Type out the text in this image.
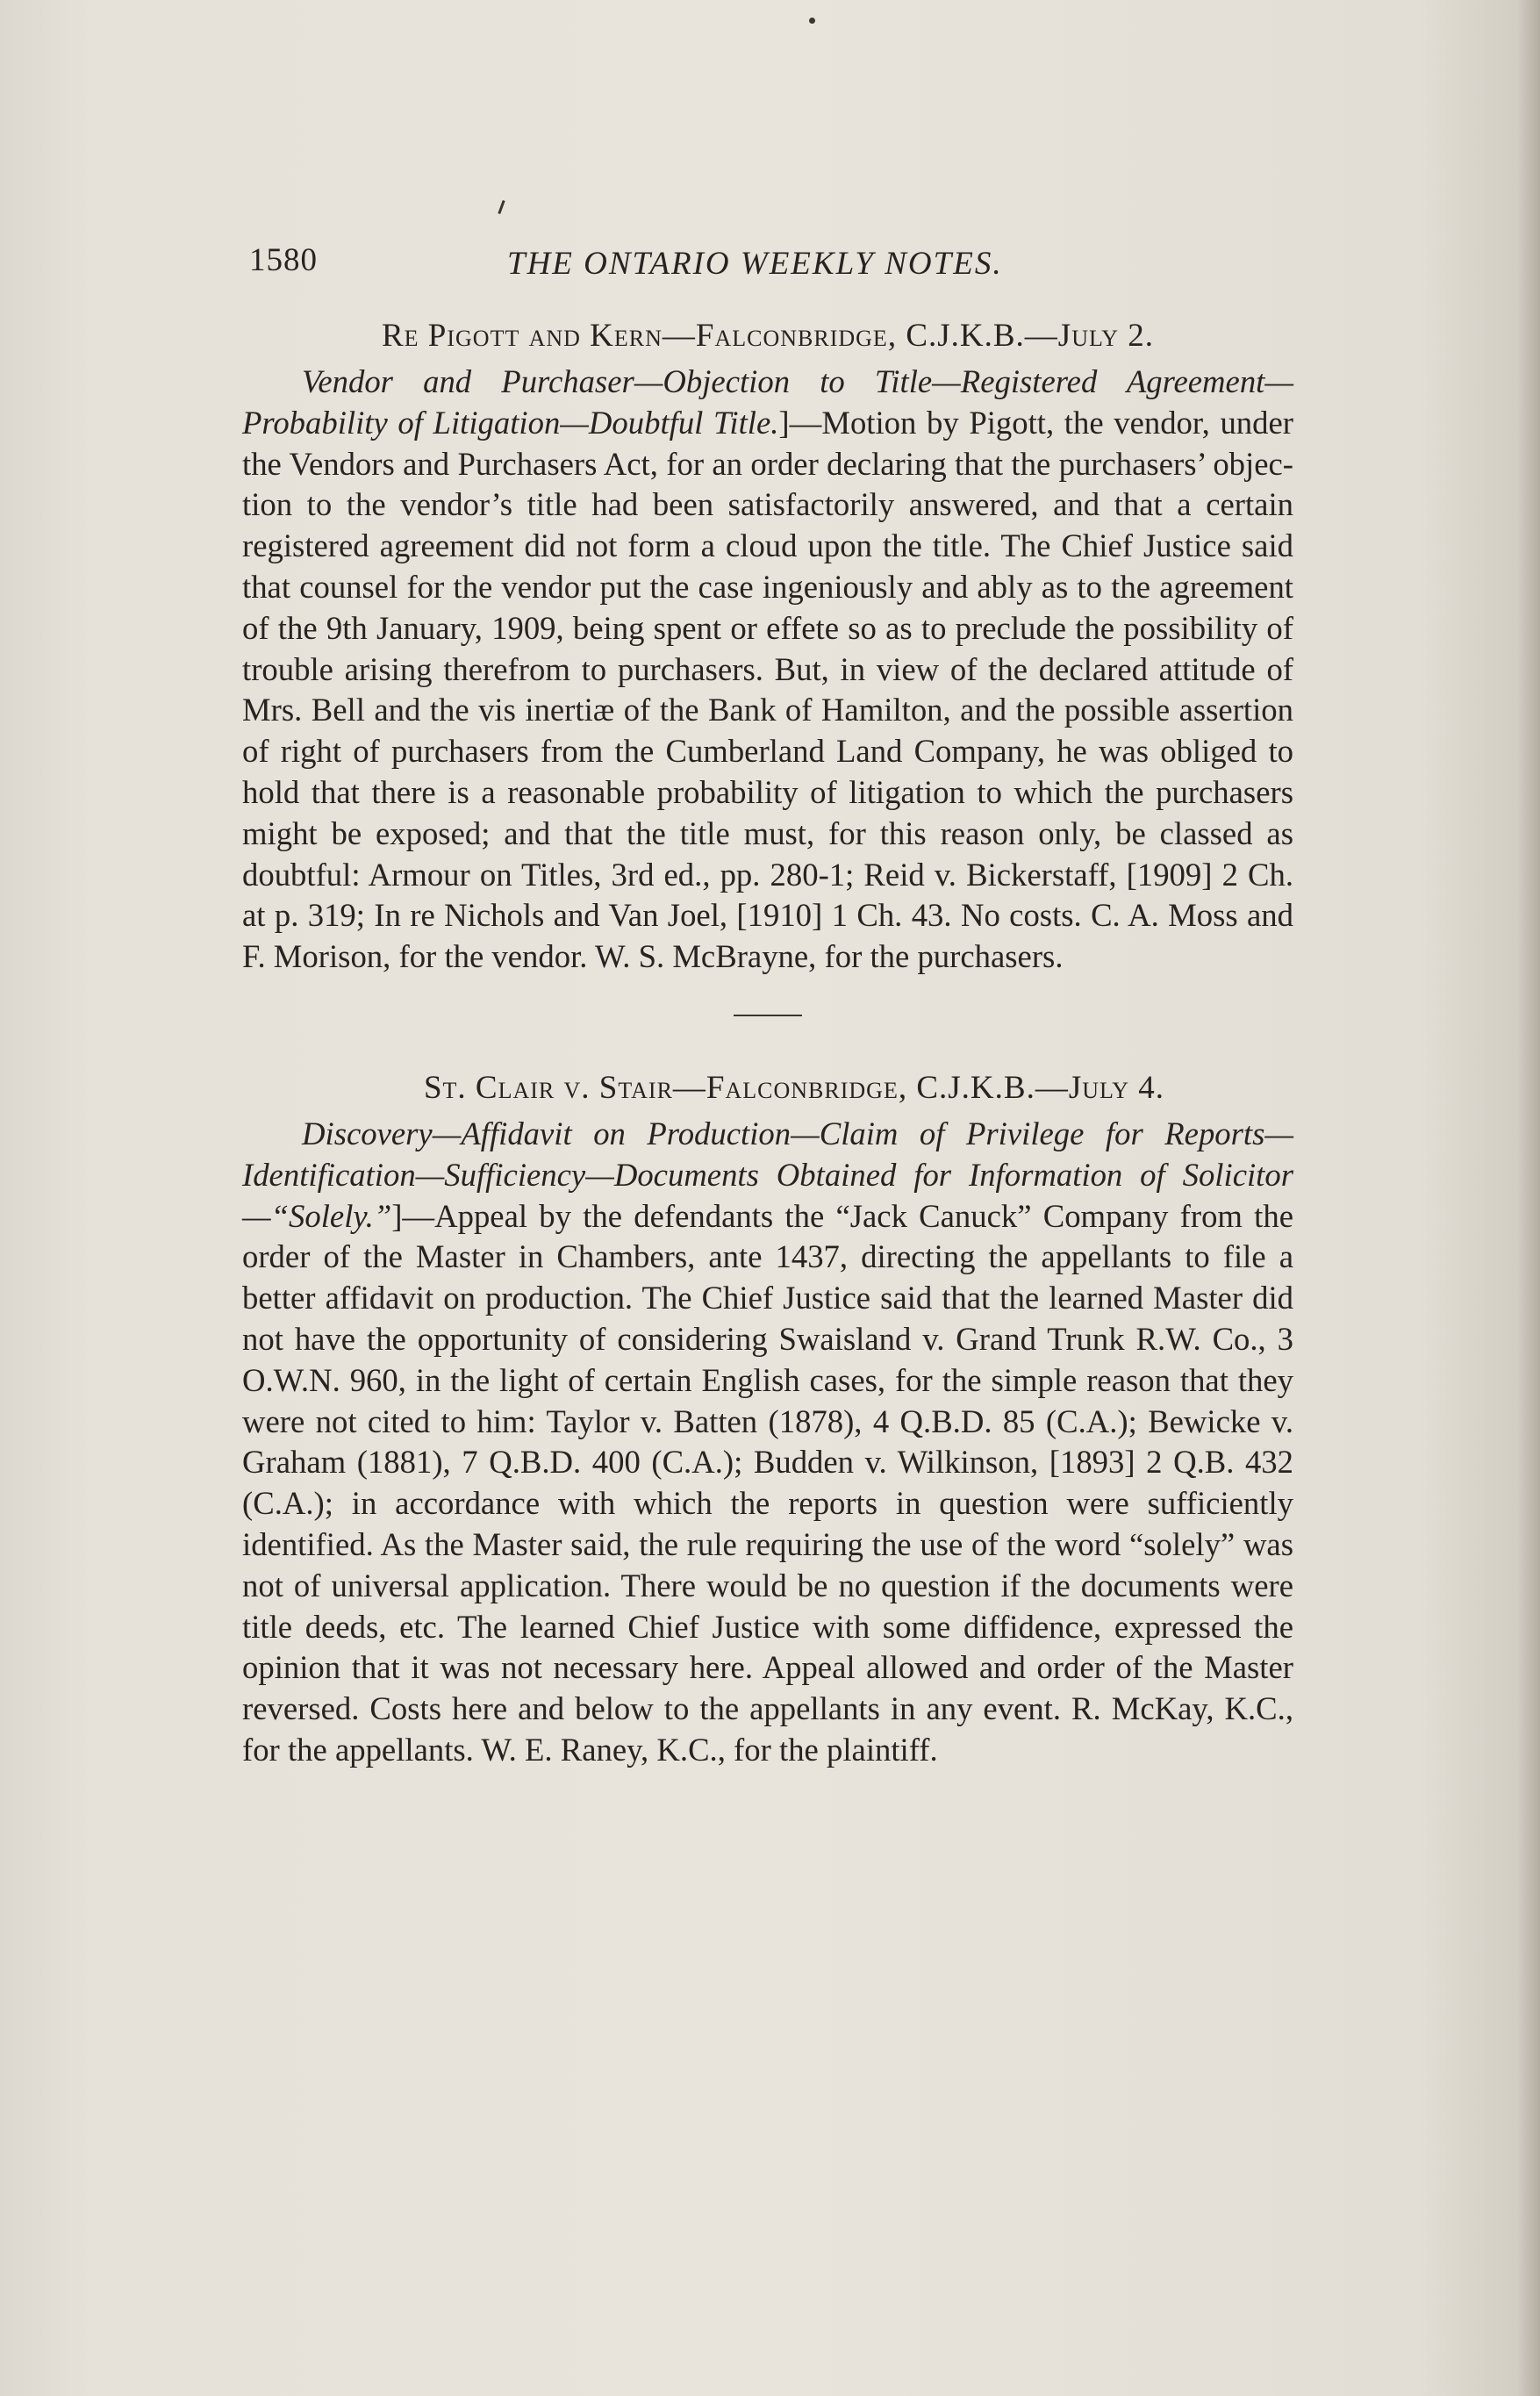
1580	THE ONTARIO WEEKLY NOTES.
Re Pigott and Kern—Falconbridge, C.J.K.B.—July 2.

Vendor and Purchaser—Objection to Title—Registered Agreement—Probability of Litigation—Doubtful Title.]—Motion by Pigott, the vendor, under the Vendors and Purchasers Act, for an order declaring that the purchasers’ objection to the vendor’s title had been satisfactorily answered, and that a certain registered agreement did not form a cloud upon the title. The Chief Justice said that counsel for the vendor put the case ingeniously and ably as to the agreement of the 9th January, 1909, being spent or effete so as to preclude the possibility of trouble arising therefrom to purchasers. But, in view of the declared attitude of Mrs. Bell and the vis inertiæ of the Bank of Hamilton, and the possible assertion of right of purchasers from the Cumberland Land Company, he was obliged to hold that there is a reasonable probability of litigation to which the purchasers might be exposed; and that the title must, for this reason only, be classed as doubtful: Armour on Titles, 3rd ed., pp. 280-1; Reid v. Bickerstaff, [1909] 2 Ch. at p. 319; In re Nichols and Van Joel, [1910] 1 Ch. 43. No costs. C. A. Moss and F. Morison, for the vendor. W. S. McBrayne, for the purchasers.

St. Clair v. Stair—Falconbridge, C.J.K.B.—July 4.

Discovery—Affidavit on Production—Claim of Privilege for Reports—Identification—Sufficiency—Documents Obtained for Information of Solicitor—“Solely.”]—Appeal by the defendants the “Jack Canuck” Company from the order of the Master in Chambers, ante 1437, directing the appellants to file a better affidavit on production. The Chief Justice said that the learned Master did not have the opportunity of considering Swaisland v. Grand Trunk R.W. Co., 3 O.W.N. 960, in the light of certain English cases, for the simple reason that they were not cited to him: Taylor v. Batten (1878), 4 Q.B.D. 85 (C.A.); Bewicke v. Graham (1881), 7 Q.B.D. 400 (C.A.); Budden v. Wilkinson, [1893] 2 Q.B. 432 (C.A.); in accordance with which the reports in question were sufficiently identified. As the Master said, the rule requiring the use of the word “solely” was not of universal application. There would be no question if the documents were title deeds, etc. The learned Chief Justice with some diffidence, expressed the opinion that it was not necessary here. Appeal allowed and order of the Master reversed. Costs here and below to the appellants in any event. R. McKay, K.C., for the appellants. W. E. Raney, K.C., for the plaintiff.
